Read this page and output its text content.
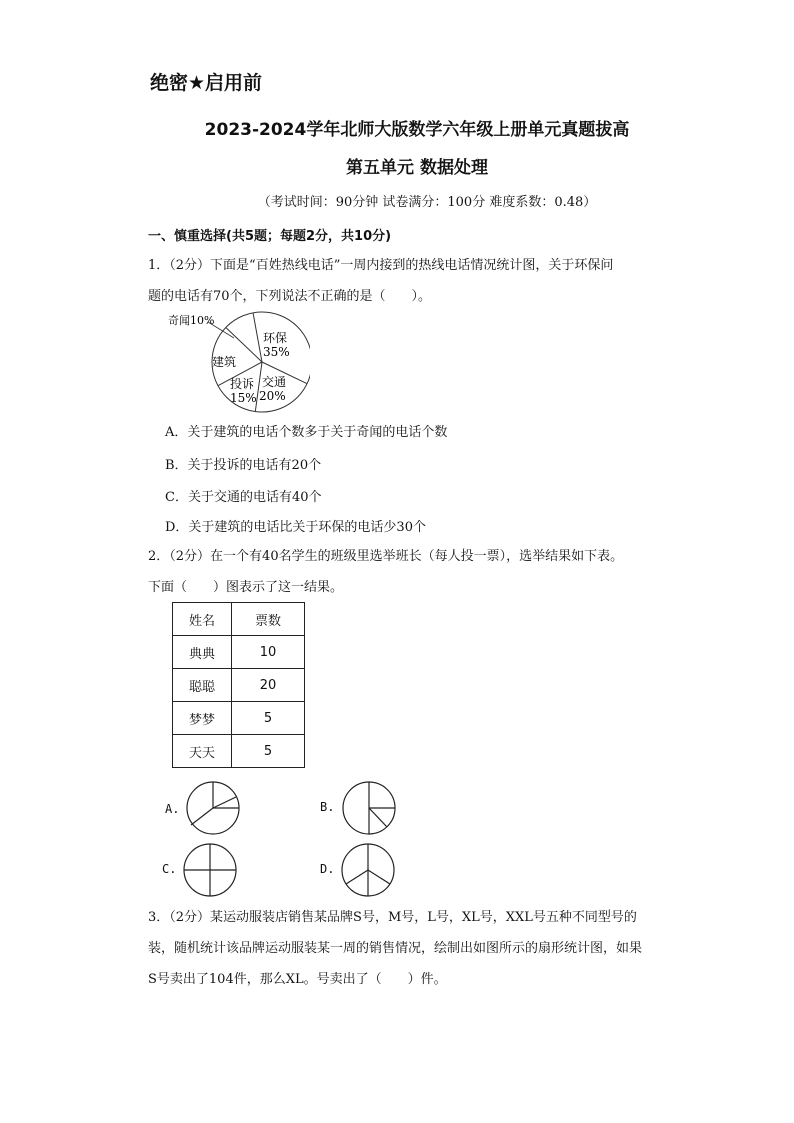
绝密★启用前
2023-2024学年北师大版数学六年级上册单元真题拔高
第五单元 数据处理
（考试时间：90分钟 试卷满分：100分 难度系数：0.48）
一、慎重选择(共5题；每题2分，共10分)
1．（2分）下面是“百姓热线电话”一周内接到的热线电话情况统计图，关于环保问
题的电话有70个，下列说法不正确的是（　　）。
奇闻10%
环保
35%
交通
20%
投诉
15%
建筑
A．关于建筑的电话个数多于关于奇闻的电话个数
B．关于投诉的电话有20个
C．关于交通的电话有40个
D．关于建筑的电话比关于环保的电话少30个
2．（2分）在一个有40名学生的班级里选举班长（每人投一票），选举结果如下表。
下面（　　）图表示了这一结果。
姓名	票数
典典	10
聪聪	20
梦梦	5
天天	5
A.	B.
C.	D.
3．（2分）某运动服装店销售某品牌S号，M号，L号，XL号，XXL号五种不同型号的
装，随机统计该品牌运动服装某一周的销售情况，绘制出如图所示的扇形统计图，如果
S号卖出了104件，那么XL。号卖出了（　　）件。
